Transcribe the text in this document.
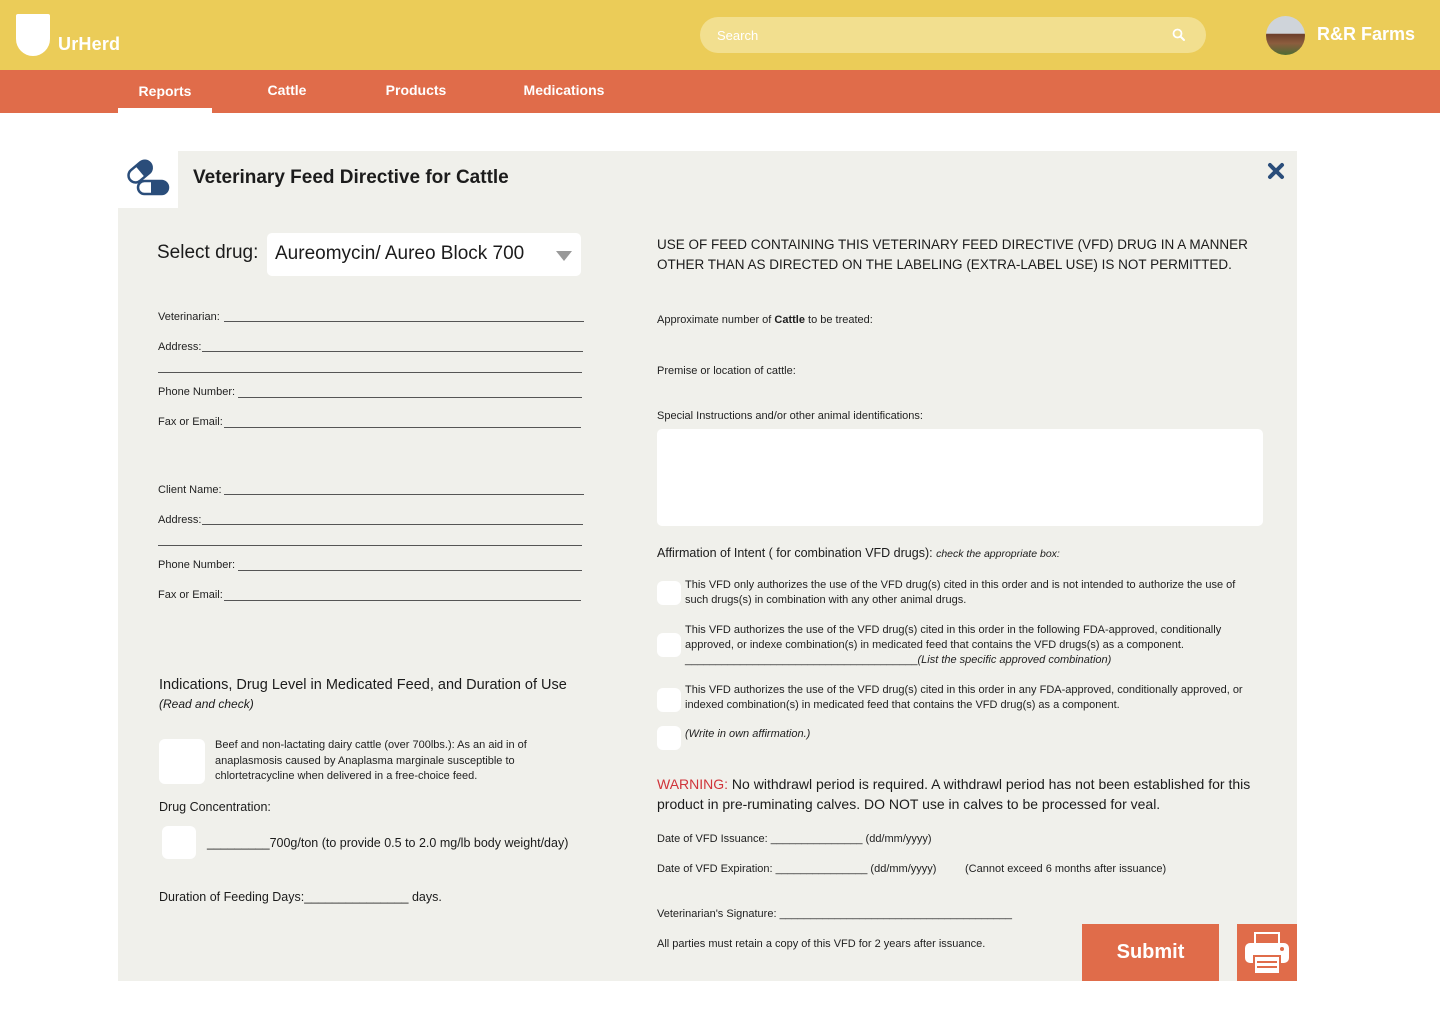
UrHerd
Search	R&R Farms
Reports	Cattle	Products	Medications
Veterinary Feed Directive for Cattle
Select drug: Aureomycin/ Aureo Block 700
Veterinarian:
Address:
Phone Number:
Fax or Email:
Client Name:
Address:
Phone Number:
Fax or Email:
Indications, Drug Level in Medicated Feed, and Duration of Use
(Read and check)
Beef and non-lactating dairy cattle (over 700lbs.): As an aid in of anaplasmosis caused by Anaplasma marginale susceptible to chlortetracycline when delivered in a free-choice feed.
Drug Concentration:
_________700g/ton (to provide 0.5 to 2.0 mg/lb body weight/day)
Duration of Feeding Days:_______________ days.
USE OF FEED CONTAINING THIS VETERINARY FEED DIRECTIVE (VFD) DRUG IN A MANNER OTHER THAN AS DIRECTED ON THE LABELING (EXTRA-LABEL USE) IS NOT PERMITTED.
Approximate number of Cattle to be treated:
Premise or location of cattle:
Special Instructions and/or other animal identifications:
Affirmation of Intent ( for combination VFD drugs): check the appropriate box:
This VFD only authorizes the use of the VFD drug(s) cited in this order and is not intended to authorize the use of such drugs(s) in combination with any other animal drugs.
This VFD authorizes the use of the VFD drug(s) cited in this order in the following FDA-approved, conditionally approved, or indexe combination(s) in medicated feed that contains the VFD drugs(s) as a component.
______________________________________(List the specific approved combination)
This VFD authorizes the use of the VFD drug(s) cited in this order in any FDA-approved, conditionally approved, or indexed combination(s) in medicated feed that contains the VFD drug(s) as a component.
(Write in own affirmation.)
WARNING: No withdrawl period is required. A withdrawl period has not been established for this product in pre-ruminating calves. DO NOT use in calves to be processed for veal.
Date of VFD Issuance: _______________ (dd/mm/yyyy)
Date of VFD Expiration: _______________ (dd/mm/yyyy)	(Cannot exceed 6 months after issuance)
Veterinarian's Signature: ______________________________________
All parties must retain a copy of this VFD for 2 years after issuance.	Submit
